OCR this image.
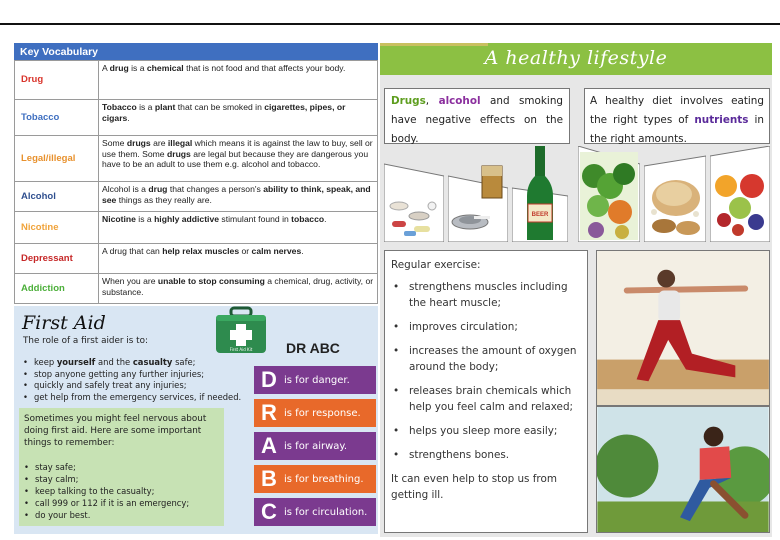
Key Vocabulary
Drug	A drug is a chemical that is not food and that affects your body.
Tobacco	Tobacco is a plant that can be smoked in cigarettes, pipes, or cigars.
Legal/illegal	Some drugs are illegal which means it is against the law to buy, sell or use them. Some drugs are legal but because they are dangerous you have to be an adult to use them e.g. alcohol and tobacco.
Alcohol	Alcohol is a drug that changes a person's ability to think, speak, and see things as they really are.
Nicotine	Nicotine is a highly addictive stimulant found in tobacco.
Depressant	A drug that can help relax muscles or calm nerves.
Addiction	When you are unable to stop consuming a chemical, drug, activity, or substance.
First Aid
The role of a first aider is to:
• keep yourself and the casualty safe;
• stop anyone getting any further injuries;
• quickly and safely treat any injuries;
• get help from the emergency services, if needed.
Sometimes you might feel nervous about doing first aid. Here are some important things to remember:
• stay safe;
• stay calm;
• keep talking to the casualty;
• call 999 or 112 if it is an emergency;
• do your best.
First Aid Kit DR ABC
D is for danger.
R is for response.
A is for airway.
B is for breathing.
C is for circulation.
A healthy lifestyle
Drugs, alcohol and smoking have negative effects on the body.
A healthy diet involves eating the right types of nutrients in the right amounts.
BEER
Regular exercise:
• strengthens muscles including the heart muscle;
• improves circulation;
• increases the amount of oxygen around the body;
• releases brain chemicals which help you feel calm and relaxed;
• helps you sleep more easily;
• strengthens bones.
It can even help to stop us from getting ill.
